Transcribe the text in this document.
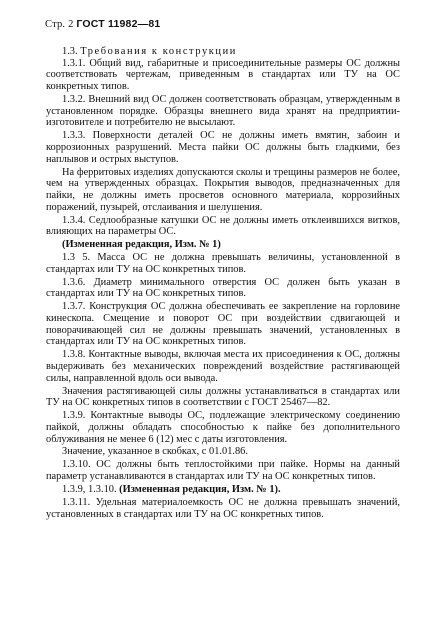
Стр. 2 ГОСТ 11982—81

1.3. Требования к конструкции

1.3.1. Общий вид, габаритные и присоединительные размеры ОС должны соответствовать чертежам, приведенным в стандартах или ТУ на ОС конкретных типов.

1.3.2. Внешний вид ОС должен соответствовать образцам, утвержденным в установленном порядке. Образцы внешнего вида хранят на предприятии-изготовителе и потребителю не высылают.

1.3.3. Поверхности деталей ОС не должны иметь вмятин, забоин и коррозионных разрушений. Места пайки ОС должны быть гладкими, без наплывов и острых выступов.

На ферритовых изделиях допускаются сколы и трещины размеров не более, чем на утвержденных образцах. Покрытия выводов, предназначенных для пайки, не должны иметь просветов основного материала, коррозийных поражений, пузырей, отслаивания и шелушения.

1.3.4. Седлообразные катушки ОС не должны иметь отклеившихся витков, влияющих на параметры ОС.

(Измененная редакция, Изм. № 1)

1.3 5. Масса ОС не должна превышать величины, установленной в стандартах или ТУ на ОС конкретных типов.

1.3.6. Диаметр минимального отверстия ОС должен быть указан в стандартах или ТУ на ОС конкретных типов.

1.3.7. Конструкция ОС должна обеспечивать ее закрепление на горловине кинескопа. Смещение и поворот ОС при воздействии сдвигающей и поворачивающей сил не должны превышать значений, установленных в стандартах или ТУ на ОС конкретных типов.

1.3.8. Контактные выводы, включая места их присоединения к ОС, должны выдерживать без механических повреждений воздействие растягивающей силы, направленной вдоль оси вывода.

Значения растягивающей силы должны устанавливаться в стандартах или ТУ на ОС конкретных типов в соответствии с ГОСТ 25467—82.

1.3.9. Контактные выводы ОС, подлежащие электрическому соединению пайкой, должны обладать способностью к пайке без дополнительного облуживания не менее 6 (12) мес с даты изготовления.

Значение, указанное в скобках, с 01.01.86.

1.3.10. ОС должны быть теплостойкими при пайке. Нормы на данный параметр устанавливаются в стандартах или ТУ на ОС конкретных типов.

1.3.9, 1.3.10. (Измененная редакция, Изм. № 1).

1.3.11. Удельная материалоемкость ОС не должна превышать значений, установленных в стандартах или ТУ на ОС конкретных типов.
